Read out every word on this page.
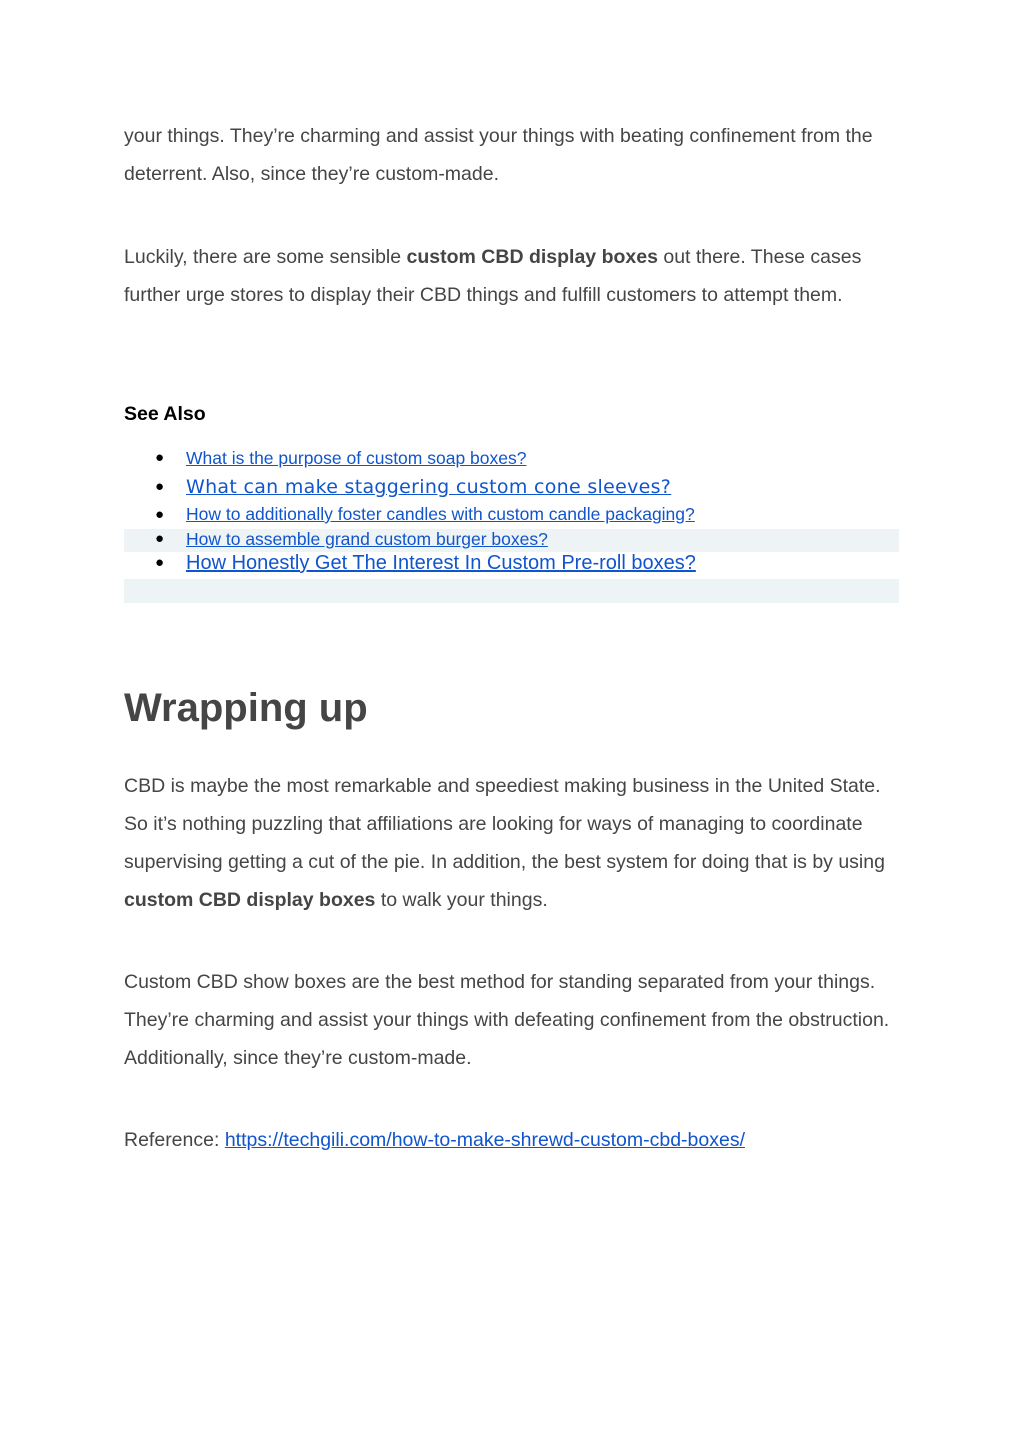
your things. They’re charming and assist your things with beating confinement from the deterrent. Also, since they’re custom-made.

Luckily, there are some sensible custom CBD display boxes out there. These cases further urge stores to display their CBD things and fulfill customers to attempt them.

See Also
● What is the purpose of custom soap boxes?
● What can make staggering custom cone sleeves?
● How to additionally foster candles with custom candle packaging?
● How to assemble grand custom burger boxes?
● How Honestly Get The Interest In Custom Pre-roll boxes?
Wrapping up

CBD is maybe the most remarkable and speediest making business in the United State. So it’s nothing puzzling that affiliations are looking for ways of managing to coordinate supervising getting a cut of the pie. In addition, the best system for doing that is by using custom CBD display boxes to walk your things.

Custom CBD show boxes are the best method for standing separated from your things. They’re charming and assist your things with defeating confinement from the obstruction. Additionally, since they’re custom-made.

Reference: https://techgili.com/how-to-make-shrewd-custom-cbd-boxes/
